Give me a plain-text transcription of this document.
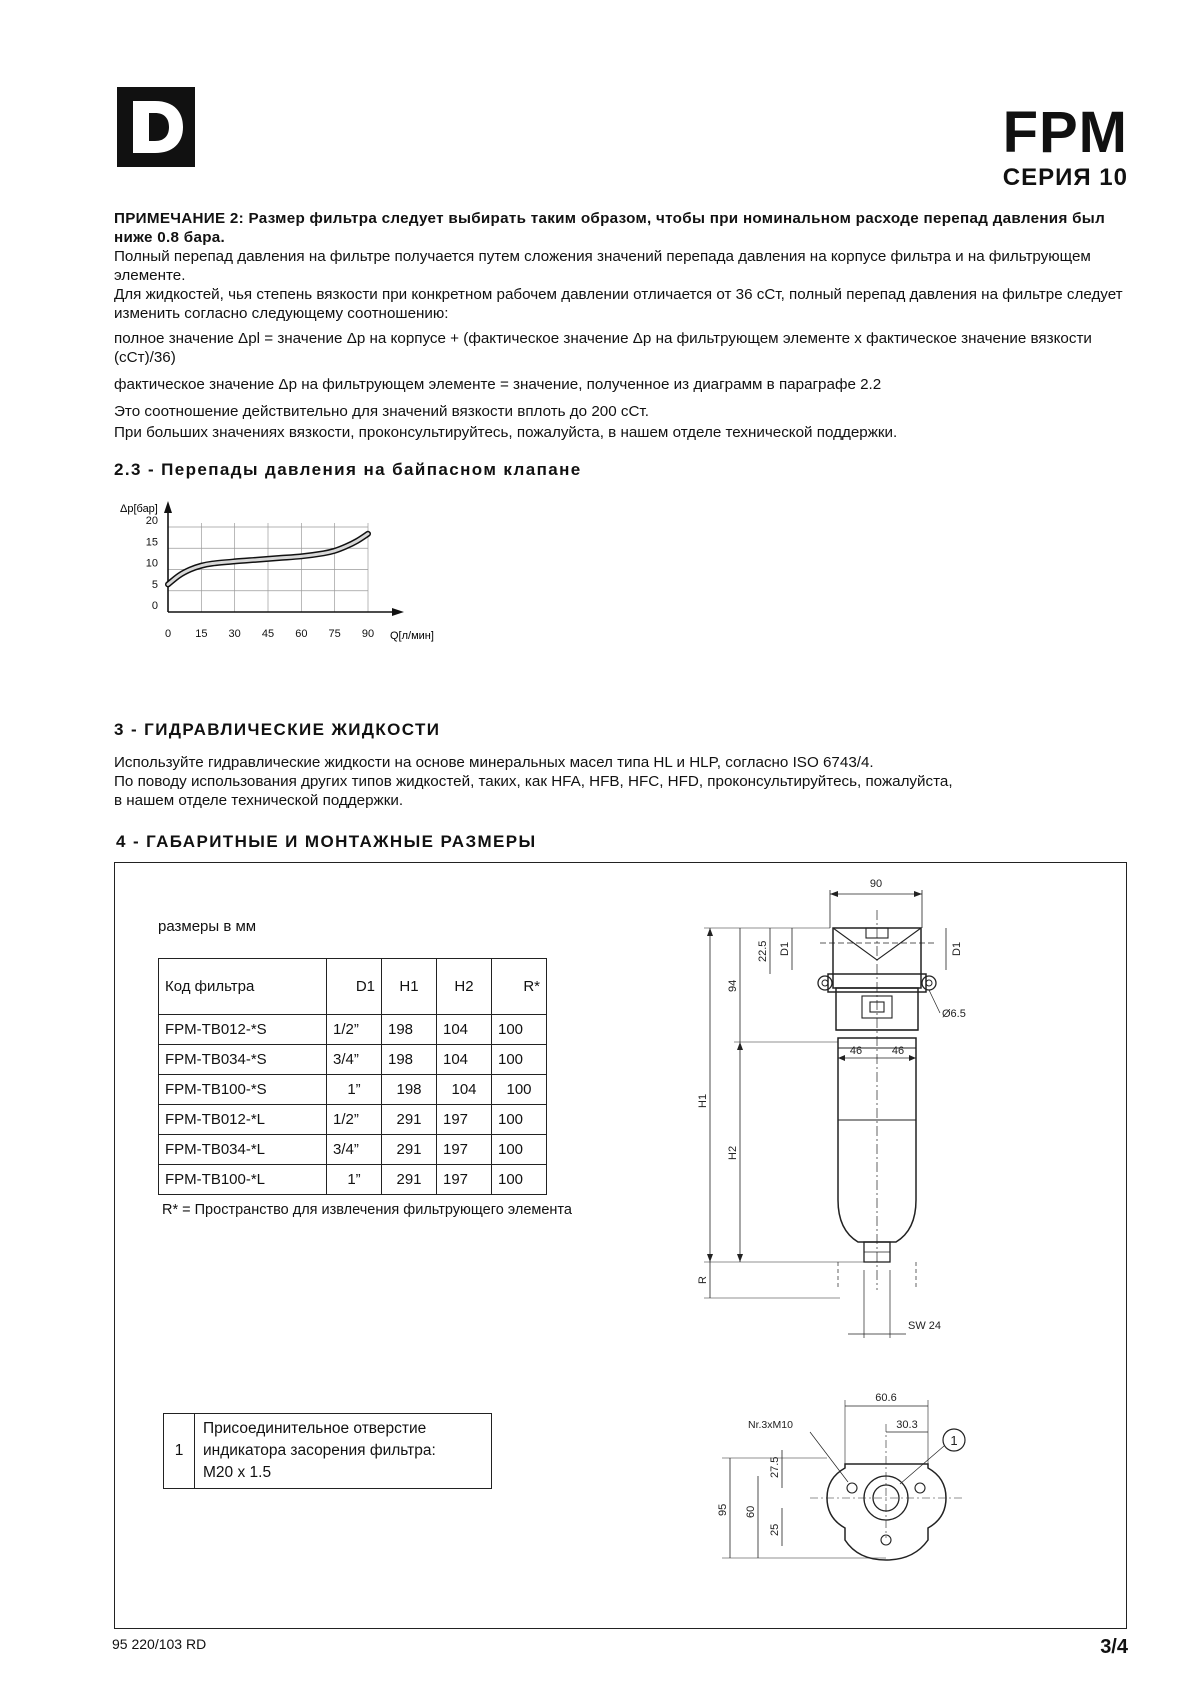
FPM
СЕРИЯ 10

ПРИМЕЧАНИЕ 2: Размер фильтра следует выбирать таким образом, чтобы при номинальном расходе перепад давления был ниже 0.8 бара.

Полный перепад давления на фильтре получается путем сложения значений перепада давления на корпусе фильтра и на фильтрующем элементе.

Для жидкостей, чья степень вязкости при конкретном рабочем давлении отличается от 36 сСт, полный перепад давления на фильтре следует изменить согласно следующему соотношению:

полное значение Δpl = значение Δp на корпусе + (фактическое значение Δp на фильтрующем элементе x фактическое значение вязкости (сСт)/36)

фактическое значение Δp на фильтрующем элементе = значение, полученное из диаграмм в параграфе 2.2

Это соотношение действительно для значений вязкости вплоть до 200 сСт.

При больших значениях вязкости, проконсультируйтесь, пожалуйста, в нашем отделе технической поддержки.

2.3 - Перепады давления на байпасном клапане
0 15 30 45 60 75 90
0
5
10
15
20
Δp[бар]
Q[л/мин]
3 - ГИДРАВЛИЧЕСКИЕ ЖИДКОСТИ

Используйте гидравлические жидкости на основе минеральных масел типа HL и HLP, согласно ISO 6743/4.

По поводу использования других типов жидкостей, таких, как HFA, HFB, HFC, HFD, проконсультируйтесь, пожалуйста,

в нашем отделе технической поддержки.

4 - ГАБАРИТНЫЕ И МОНТАЖНЫЕ РАЗМЕРЫ
размеры в мм
Код фильтра	D1	H1	H2	R*
FPM-TB012-*S	1/2”	198	104	100
FPM-TB034-*S	3/4”	198	104	100
FPM-TB100-*S	1”	198	104	100
FPM-TB012-*L	1/2”	291	197	100
FPM-TB034-*L	3/4”	291	197	100
FPM-TB100-*L	1”	291	197	100
R* = Пространство для извлечения фильтрующего элемента
1	
Присоединительное отверстие
индикатора засорения фильтра:
M20 x 1.5
90
46	46
D1	D1
22.5
94
Ø6.5
H1
H2
R
SW 24
60.6
30.3
Nr.3xM10
1
95 60
27.5
25
95 220/103 RD	3/4
